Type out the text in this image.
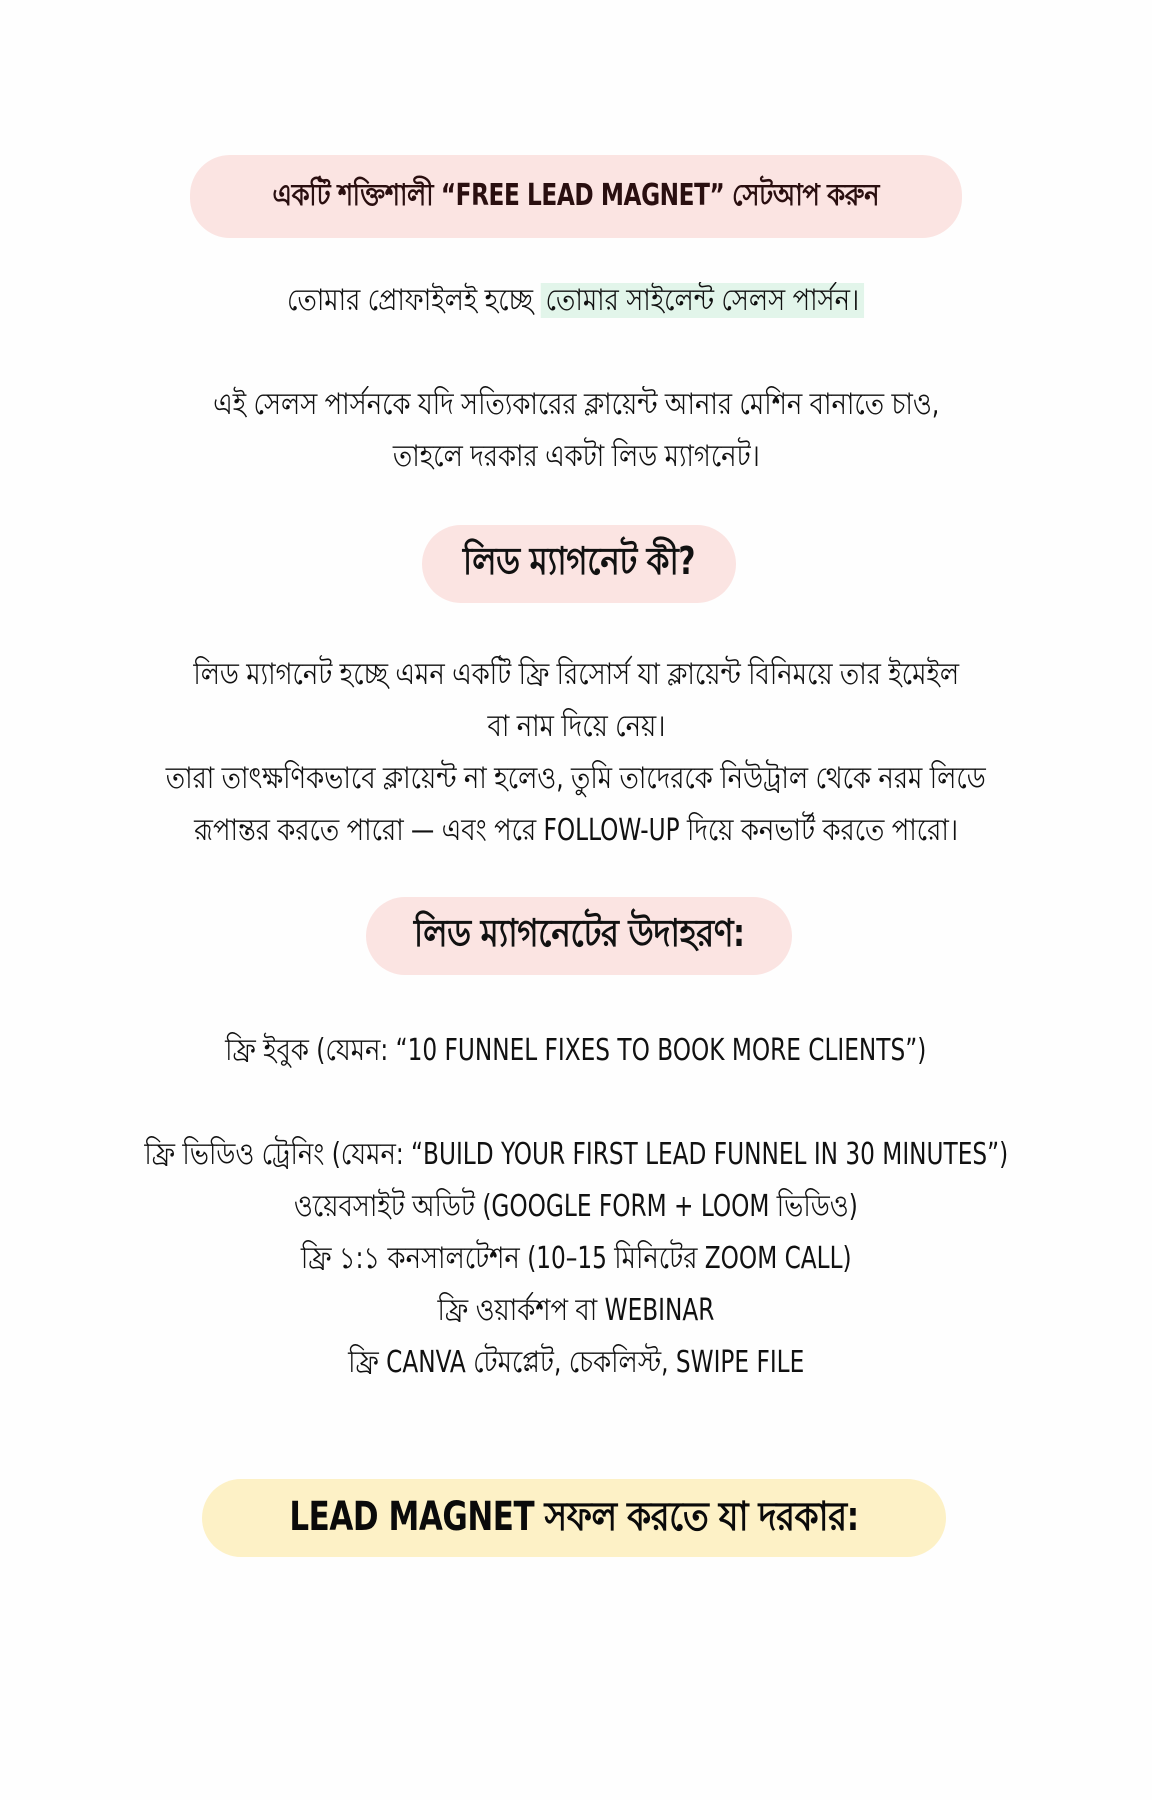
একটি শক্তিশালী “FREE LEAD MAGNET” সেটআপ করুন
তোমার প্রোফাইলই হচ্ছে তোমার সাইলেন্ট সেলস পার্সন।
এই সেলস পার্সনকে যদি সত্যিকারের ক্লায়েন্ট আনার মেশিন বানাতে চাও,
তাহলে দরকার একটা লিড ম্যাগনেট।
লিড ম্যাগনেট কী?
লিড ম্যাগনেট হচ্ছে এমন একটি ফ্রি রিসোর্স যা ক্লায়েন্ট বিনিময়ে তার ইমেইল
বা নাম দিয়ে নেয়।
তারা তাৎক্ষণিকভাবে ক্লায়েন্ট না হলেও, তুমি তাদেরকে নিউট্রাল থেকে নরম লিডে
রূপান্তর করতে পারো — এবং পরে FOLLOW-UP দিয়ে কনভার্ট করতে পারো।
লিড ম্যাগনেটের উদাহরণ:
ফ্রি ইবুক (যেমন: “10 FUNNEL FIXES TO BOOK MORE CLIENTS”)
ফ্রি ভিডিও ট্রেনিং (যেমন: “BUILD YOUR FIRST LEAD FUNNEL IN 30 MINUTES”)
ওয়েবসাইট অডিট (GOOGLE FORM + LOOM ভিডিও)
ফ্রি ১:১ কনসালটেশন (10–15 মিনিটের ZOOM CALL)
ফ্রি ওয়ার্কশপ বা WEBINAR
ফ্রি CANVA টেমপ্লেট, চেকলিস্ট, SWIPE FILE
LEAD MAGNET সফল করতে যা দরকার:
